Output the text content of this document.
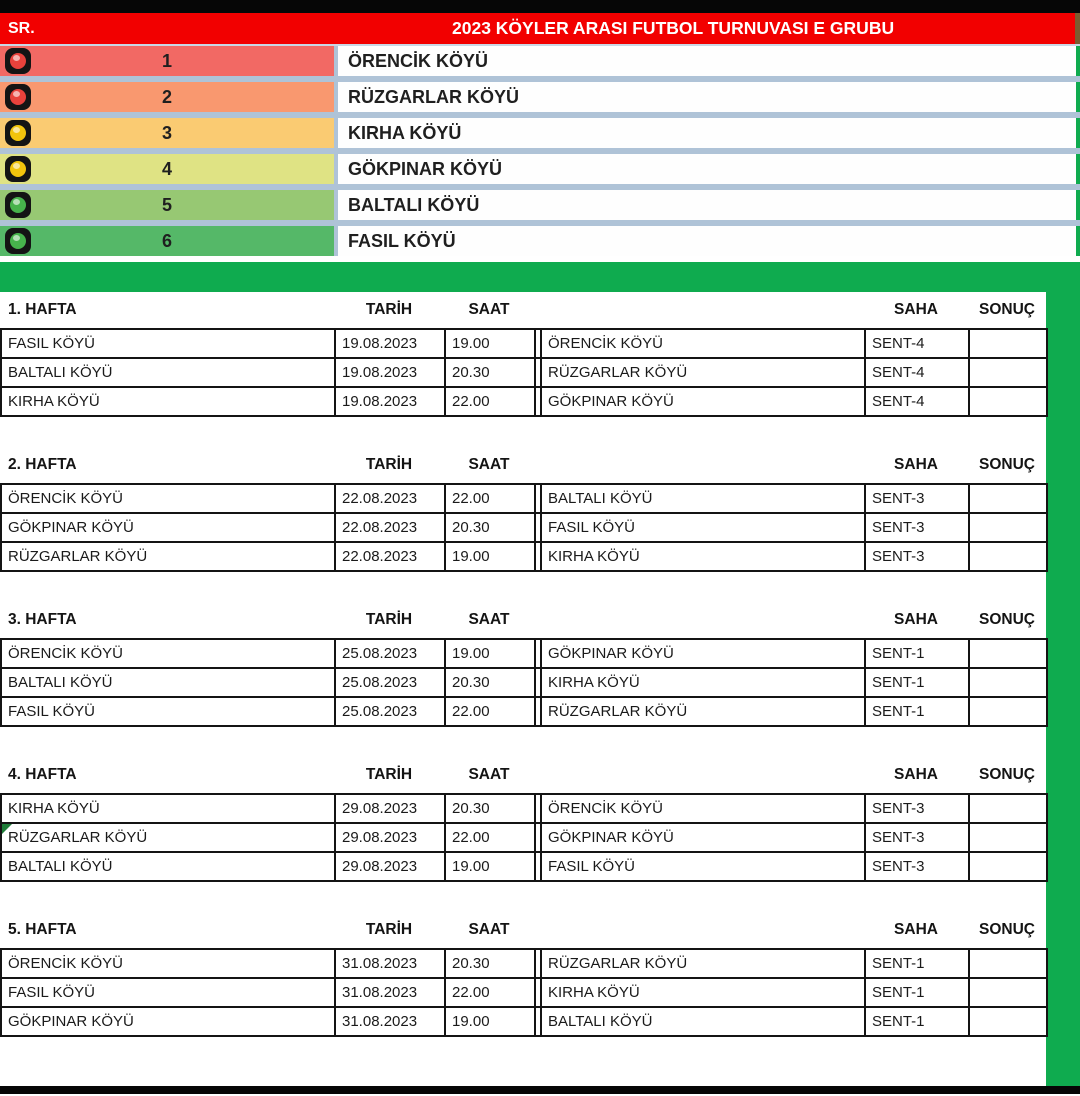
SR.	2023 KÖYLER ARASI FUTBOL TURNUVASI E GRUBU
1	ÖRENCİK KÖYÜ
2	RÜZGARLAR KÖYÜ
3	KIRHA KÖYÜ
4	GÖKPINAR KÖYÜ
5	BALTALI KÖYÜ
6	FASIL KÖYÜ
1. HAFTA	TARİH	SAAT	SAHA	SONUÇ
FASIL KÖYÜ	19.08.2023	19.00		ÖRENCİK KÖYÜ	SENT-4	
BALTALI KÖYÜ	19.08.2023	20.30		RÜZGARLAR KÖYÜ	SENT-4	
KIRHA KÖYÜ	19.08.2023	22.00		GÖKPINAR KÖYÜ	SENT-4	
2. HAFTA	TARİH	SAAT	SAHA	SONUÇ
ÖRENCİK KÖYÜ	22.08.2023	22.00		BALTALI KÖYÜ	SENT-3	
GÖKPINAR KÖYÜ	22.08.2023	20.30		FASIL KÖYÜ	SENT-3	
RÜZGARLAR KÖYÜ	22.08.2023	19.00		KIRHA KÖYÜ	SENT-3	
3. HAFTA	TARİH	SAAT	SAHA	SONUÇ
ÖRENCİK KÖYÜ	25.08.2023	19.00		GÖKPINAR KÖYÜ	SENT-1	
BALTALI KÖYÜ	25.08.2023	20.30		KIRHA KÖYÜ	SENT-1	
FASIL KÖYÜ	25.08.2023	22.00		RÜZGARLAR KÖYÜ	SENT-1	
4. HAFTA	TARİH	SAAT	SAHA	SONUÇ
KIRHA KÖYÜ	29.08.2023	20.30		ÖRENCİK KÖYÜ	SENT-3	

RÜZGARLAR KÖYÜ	29.08.2023	22.00		GÖKPINAR KÖYÜ	SENT-3	
BALTALI KÖYÜ	29.08.2023	19.00		FASIL KÖYÜ	SENT-3	
5. HAFTA	TARİH	SAAT	SAHA	SONUÇ
ÖRENCİK KÖYÜ	31.08.2023	20.30		RÜZGARLAR KÖYÜ	SENT-1	
FASIL KÖYÜ	31.08.2023	22.00		KIRHA KÖYÜ	SENT-1	
GÖKPINAR KÖYÜ	31.08.2023	19.00		BALTALI KÖYÜ	SENT-1	
